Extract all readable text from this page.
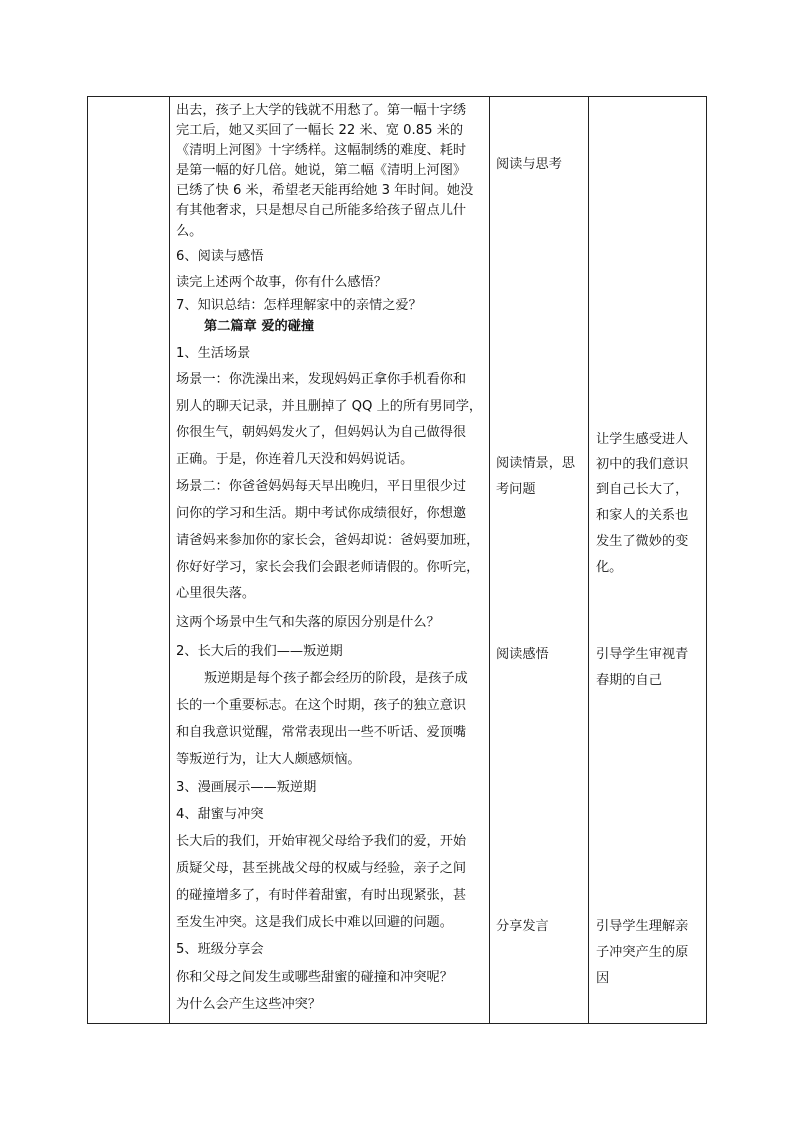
出去，孩子上大学的钱就不用愁了。第一幅十字绣
完工后，她又买回了一幅长 22 米、宽 0.85 米的
《清明上河图》十字绣样。这幅制绣的难度、耗时
是第一幅的好几倍。她说，第二幅《清明上河图》
已绣了快 6 米，希望老天能再给她 3 年时间。她没
有其他奢求，只是想尽自己所能多给孩子留点儿什
么。
6、阅读与感悟
读完上述两个故事，你有什么感悟？
7、知识总结：怎样理解家中的亲情之爱？
第二篇章 爱的碰撞
1、生活场景
场景一：你洗澡出来，发现妈妈正拿你手机看你和
别人的聊天记录，并且删掉了 QQ 上的所有男同学，
你很生气，朝妈妈发火了，但妈妈认为自己做得很
正确。于是，你连着几天没和妈妈说话。
场景二：你爸爸妈妈每天早出晚归，平日里很少过
问你的学习和生活。期中考试你成绩很好，你想邀
请爸妈来参加你的家长会，爸妈却说：爸妈要加班，
你好好学习，家长会我们会跟老师请假的。你听完，
心里很失落。
这两个场景中生气和失落的原因分别是什么？
2、长大后的我们——叛逆期
叛逆期是每个孩子都会经历的阶段，是孩子成
长的一个重要标志。在这个时期，孩子的独立意识
和自我意识觉醒，常常表现出一些不听话、爱顶嘴
等叛逆行为，让大人颇感烦恼。
3、漫画展示——叛逆期
4、甜蜜与冲突
长大后的我们，开始审视父母给予我们的爱，开始
质疑父母，甚至挑战父母的权威与经验，亲子之间
的碰撞增多了，有时伴着甜蜜，有时出现紧张，甚
至发生冲突。这是我们成长中难以回避的问题。
5、班级分享会
你和父母之间发生或哪些甜蜜的碰撞和冲突呢？
为什么会产生这些冲突？
阅读与思考
阅读情景，思
考问题
阅读感悟
分享发言
让学生感受进人
初中的我们意识
到自己长大了，
和家人的关系也
发生了微妙的变
化。
引导学生审视青
春期的自己
引导学生理解亲
子冲突产生的原
因
